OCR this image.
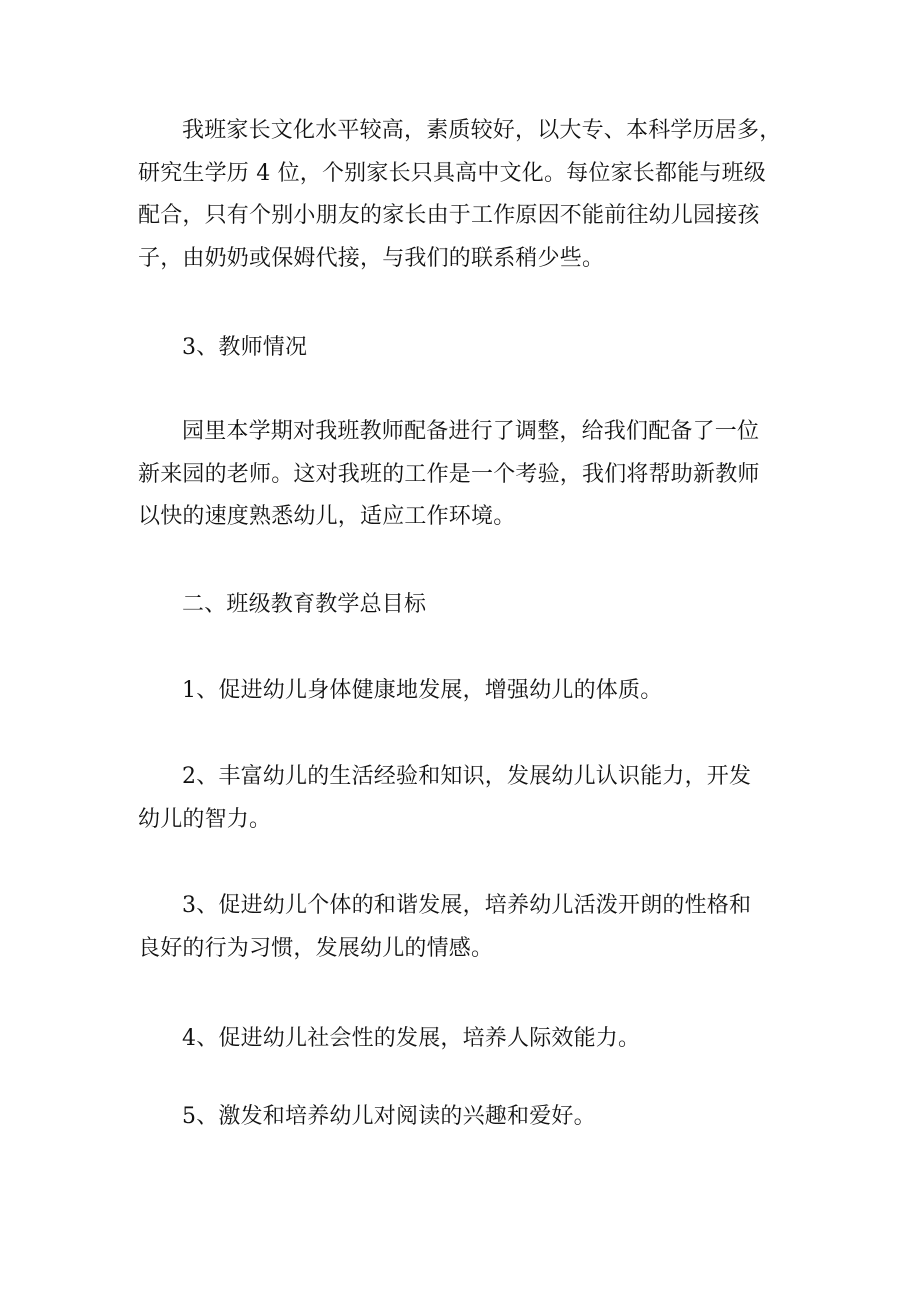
我班家长文化水平较高，素质较好，以大专、本科学历居多，
研究生学历 4 位，个别家长只具高中文化。每位家长都能与班级
配合，只有个别小朋友的家长由于工作原因不能前往幼儿园接孩
子，由奶奶或保姆代接，与我们的联系稍少些。

3、教师情况

园里本学期对我班教师配备进行了调整，给我们配备了一位
新来园的老师。这对我班的工作是一个考验，我们将帮助新教师
以快的速度熟悉幼儿，适应工作环境。

二、班级教育教学总目标

1、促进幼儿身体健康地发展，增强幼儿的体质。

2、丰富幼儿的生活经验和知识，发展幼儿认识能力，开发
幼儿的智力。

3、促进幼儿个体的和谐发展，培养幼儿活泼开朗的性格和
良好的行为习惯，发展幼儿的情感。

4、促进幼儿社会性的发展，培养人际效能力。

5、激发和培养幼儿对阅读的兴趣和爱好。
